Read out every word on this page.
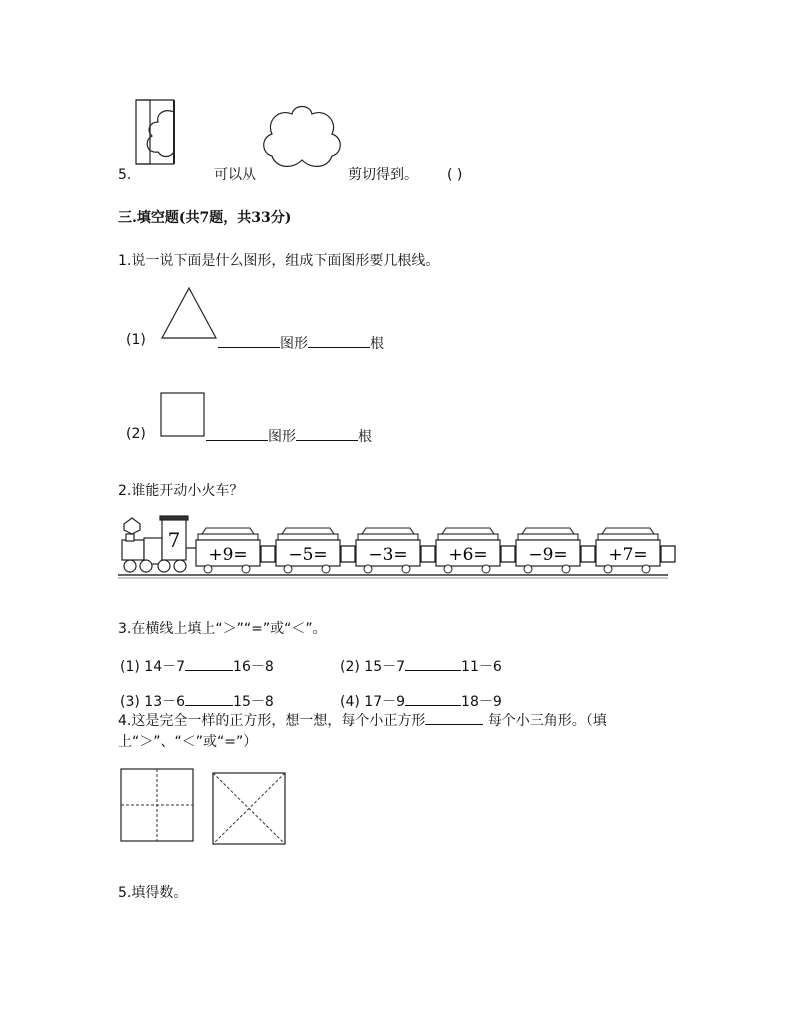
5.	可以从	剪切得到。 ( )
三.填空题(共7题，共33分)
1.说一说下面是什么图形，组成下面图形要几根线。
(1)	图形	根
(2)	图形	根
2.谁能开动小火车？
7
+9= −5= −3= +6= −9= +7=
3.在横线上填上“＞”“=”或“＜”。
(1) 14－7	16－8	(2) 15－7	11－6
(3) 13－6	15－8	(4) 17－9	18－9
4.这是完全一样的正方形，想一想，每个小正方形	每个小三角形。（填
上“＞”、“＜”或“=”）
5.填得数。
